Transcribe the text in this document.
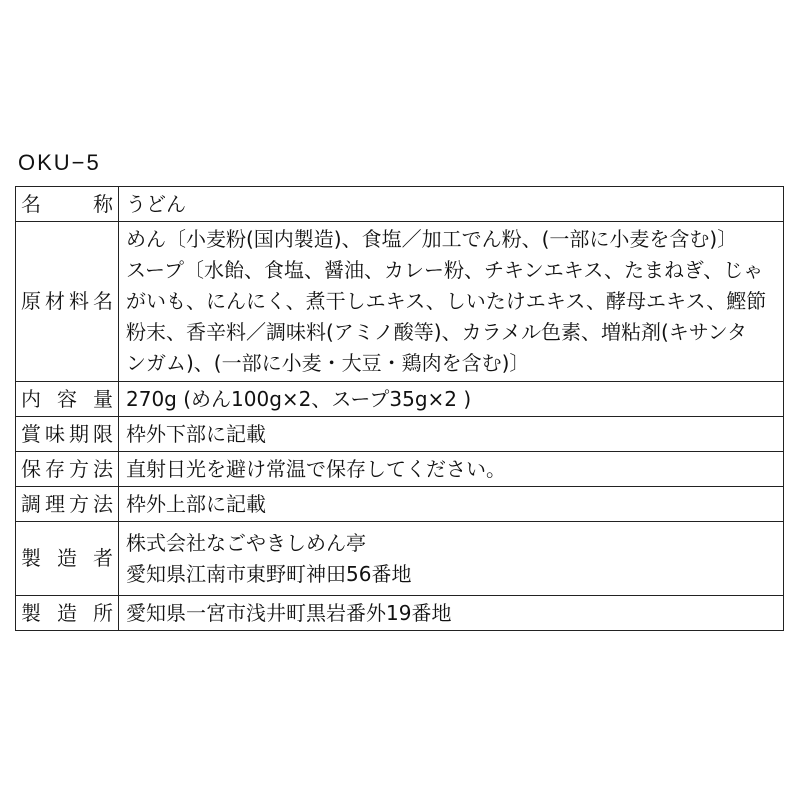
OKU−5
名　　称	うどん

原材料名	めん〔小麦粉(国内製造)、食塩／加工でん粉、(一部に小麦を含む)〕
スープ〔水飴、食塩、醤油、カレー粉、チキンエキス、たまねぎ、じゃ
がいも、にんにく、煮干しエキス、しいたけエキス、酵母エキス、鰹節
粉末、香辛料／調味料(アミノ酸等)、カラメル色素、増粘剤(キサンタ
ンガム)、(一部に小麦・大豆・鶏肉を含む)〕

内 容 量	270g (めん100g×2、スープ35g×2 )

賞味期限	枠外下部に記載

保存方法	直射日光を避け常温で保存してください。

調理方法	枠外上部に記載

製 造 者	株式会社なごやきしめん亭
愛知県江南市東野町神田56番地

製 造 所	愛知県一宮市浅井町黒岩番外19番地
